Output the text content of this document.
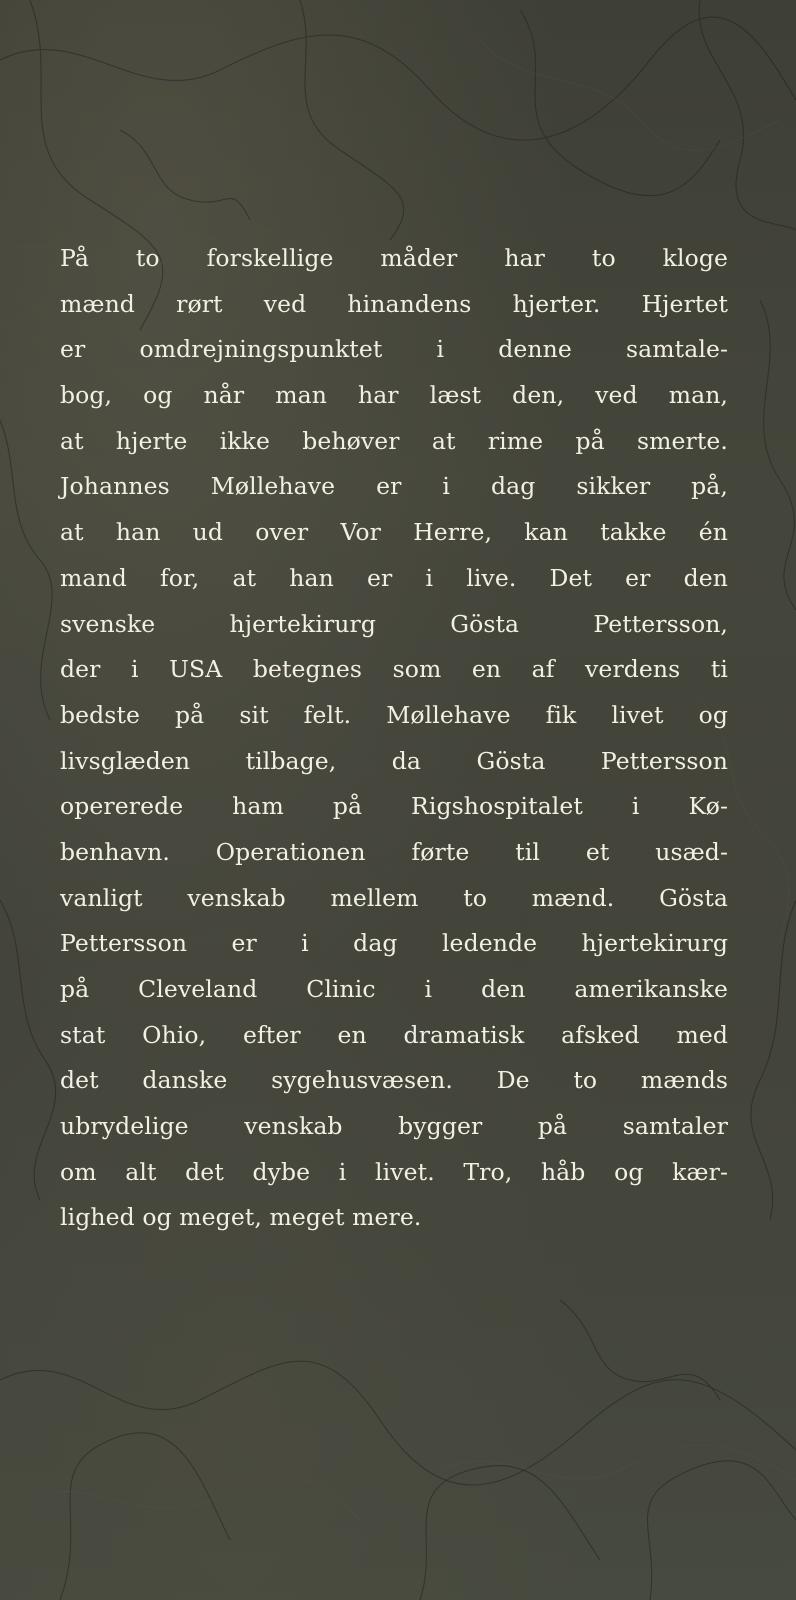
På to forskellige måder har to kloge
mænd rørt ved hinandens hjerter. Hjertet
er omdrejningspunktet i denne samtale-
bog, og når man har læst den, ved man,
at hjerte ikke behøver at rime på smerte.
Johannes Møllehave er i dag sikker på,
at han ud over Vor Herre, kan takke én
mand for, at han er i live. Det er den
svenske hjertekirurg Gösta Pettersson,
der i USA betegnes som en af verdens ti
bedste på sit felt. Møllehave fik livet og
livsglæden tilbage, da Gösta Pettersson
opererede ham på Rigshospitalet i Kø-
benhavn. Operationen førte til et usæd-
vanligt venskab mellem to mænd. Gösta
Pettersson er i dag ledende hjertekirurg
på Cleveland Clinic i den amerikanske
stat Ohio, efter en dramatisk afsked med
det danske sygehusvæsen. De to mænds
ubrydelige venskab bygger på samtaler
om alt det dybe i livet. Tro, håb og kær-
lighed og meget, meget mere.
